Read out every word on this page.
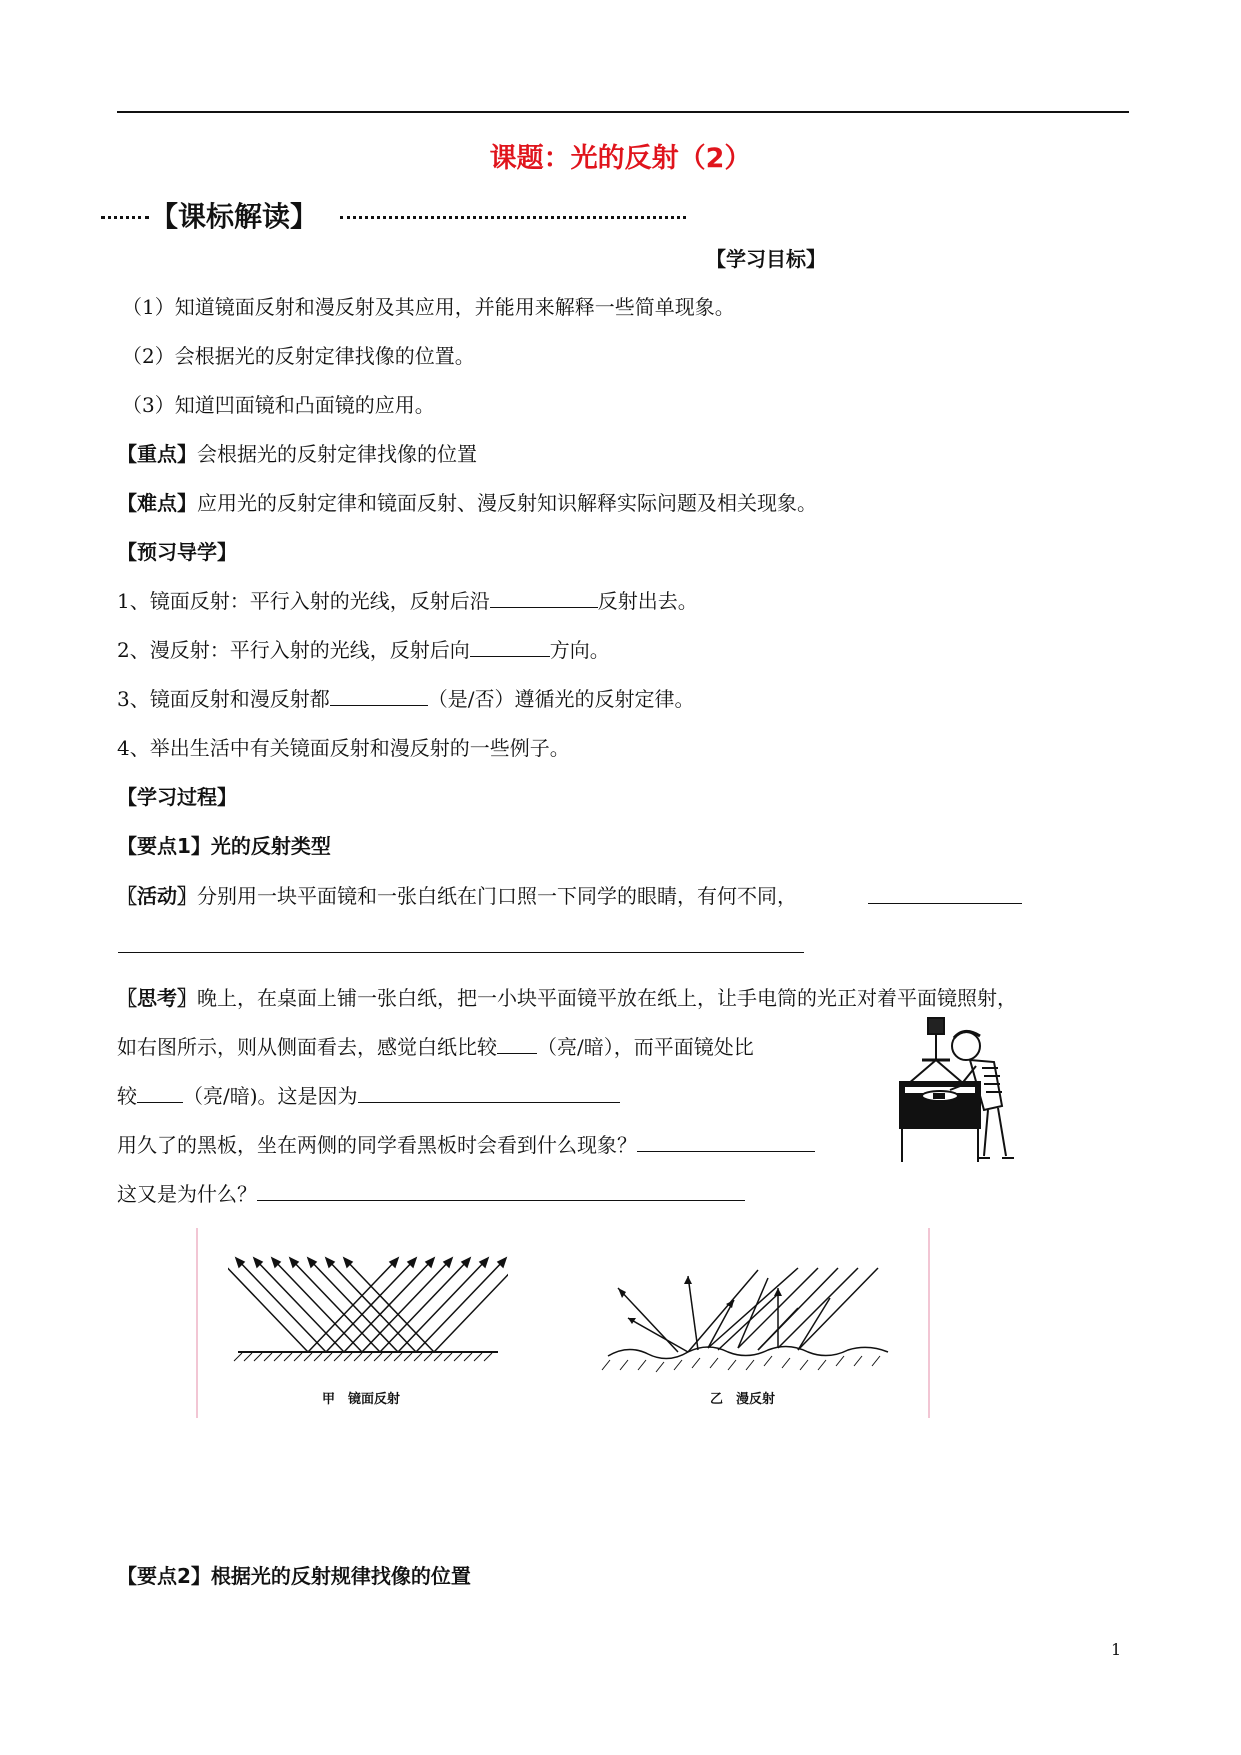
课题：光的反射（2）
【课标解读】
【学习目标】
（1）知道镜面反射和漫反射及其应用，并能用来解释一些简单现象。
（2）会根据光的反射定律找像的位置。
（3）知道凹面镜和凸面镜的应用。
【重点】会根据光的反射定律找像的位置
【难点】应用光的反射定律和镜面反射、漫反射知识解释实际问题及相关现象。
【预习导学】
1、镜面反射：平行入射的光线，反射后沿	反射出去。
2、漫反射：平行入射的光线，反射后向	方向。
3、镜面反射和漫反射都	（是/否）遵循光的反射定律。
4、举出生活中有关镜面反射和漫反射的一些例子。
【学习过程】
【要点1】光的反射类型
〖活动〗分别用一块平面镜和一张白纸在门口照一下同学的眼睛，有何不同，
〖思考〗晚上，在桌面上铺一张白纸，把一小块平面镜平放在纸上，让手电筒的光正对着平面镜照射，
如右图所示，则从侧面看去，感觉白纸比较 （亮/暗），而平面镜处比
较 （亮/暗)。这是因为
用久了的黑板，坐在两侧的同学看黑板时会看到什么现象？
这又是为什么？
甲　镜面反射	乙　漫反射
【要点2】根据光的反射规律找像的位置
1
